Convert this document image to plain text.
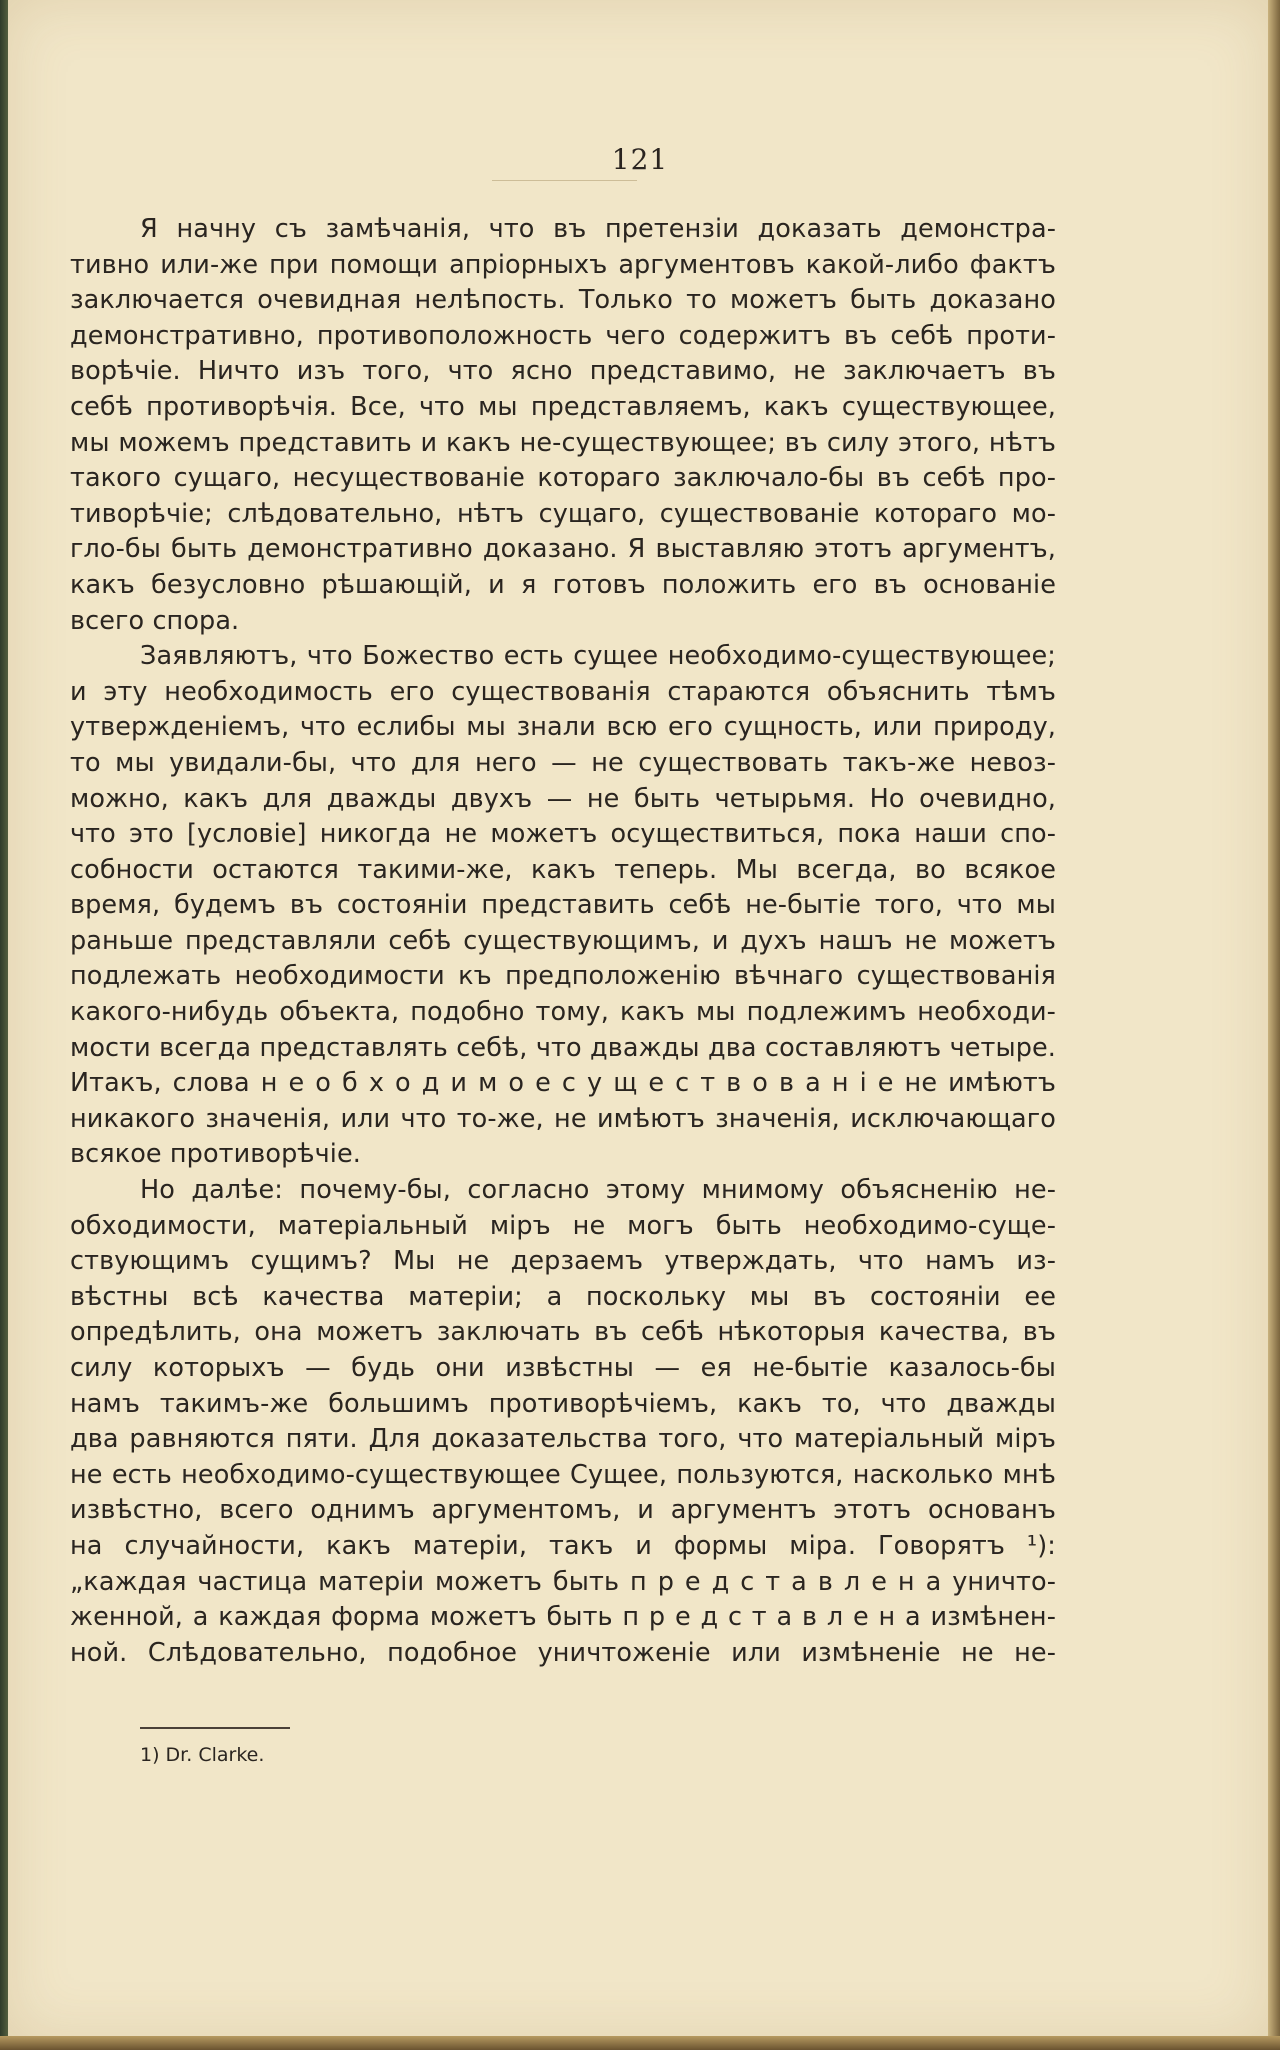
121
Я начну съ замѣчанія, что въ претензіи доказать демонстра-
тивно или-же при помощи апріорныхъ аргументовъ какой-либо фактъ
заключается очевидная нелѣпость. Только то можетъ быть доказано
демонстративно, противоположность чего содержитъ въ себѣ проти-
ворѣчіе. Ничто изъ того, что ясно представимо, не заключаетъ въ
себѣ противорѣчія. Все, что мы представляемъ, какъ существующее,
мы можемъ представить и какъ не-существующее; въ силу этого, нѣтъ
такого сущаго, несуществованіе котораго заключало-бы въ себѣ про-
тиворѣчіе; слѣдовательно, нѣтъ сущаго, существованіе котораго мо-
гло-бы быть демонстративно доказано. Я выставляю этотъ аргументъ,
какъ безусловно рѣшающій, и я готовъ положить его въ основаніе
всего спора.
Заявляютъ, что Божество есть сущее необходимо-существующее;
и эту необходимость его существованія стараются объяснить тѣмъ
утвержденіемъ, что еслибы мы знали всю его сущность, или природу,
то мы увидали-бы, что для него — не существовать такъ-же невоз-
можно, какъ для дважды двухъ — не быть четырьмя. Но очевидно,
что это [условіе] никогда не можетъ осуществиться, пока наши спо-
собности остаются такими-же, какъ теперь. Мы всегда, во всякое
время, будемъ въ состояніи представить себѣ не-бытіе того, что мы
раньше представляли себѣ существующимъ, и духъ нашъ не можетъ
подлежать необходимости къ предположенію вѣчнаго существованія
какого-нибудь объекта, подобно тому, какъ мы подлежимъ необходи-
мости всегда представлять себѣ, что дважды два составляютъ четыре.
Итакъ, слова н е о б х о д и м о е с у щ е с т в о в а н і е не имѣютъ
никакого значенія, или что то-же, не имѣютъ значенія, исключающаго
всякое противорѣчіе.
Но далѣе: почему-бы, согласно этому мнимому объясненію не-
обходимости, матеріальный міръ не могъ быть необходимо-суще-
ствующимъ сущимъ? Мы не дерзаемъ утверждать, что намъ из-
вѣстны всѣ качества матеріи; а поскольку мы въ состояніи ее
опредѣлить, она можетъ заключать въ себѣ нѣкоторыя качества, въ
силу которыхъ — будь они извѣстны — ея не-бытіе казалось-бы
намъ такимъ-же большимъ противорѣчіемъ, какъ то, что дважды
два равняются пяти. Для доказательства того, что матеріальный міръ
не есть необходимо-существующее Сущее, пользуются, насколько мнѣ
извѣстно, всего однимъ аргументомъ, и аргументъ этотъ основанъ
на случайности, какъ матеріи, такъ и формы міра. Говорятъ ¹):
„каждая частица матеріи можетъ быть п р е д с т а в л е н а уничто-
женной, а каждая форма можетъ быть п р е д с т а в л е н а измѣнен-
ной. Слѣдовательно, подобное уничтоженіе или измѣненіе не не-
1) Dr. Clarke.
